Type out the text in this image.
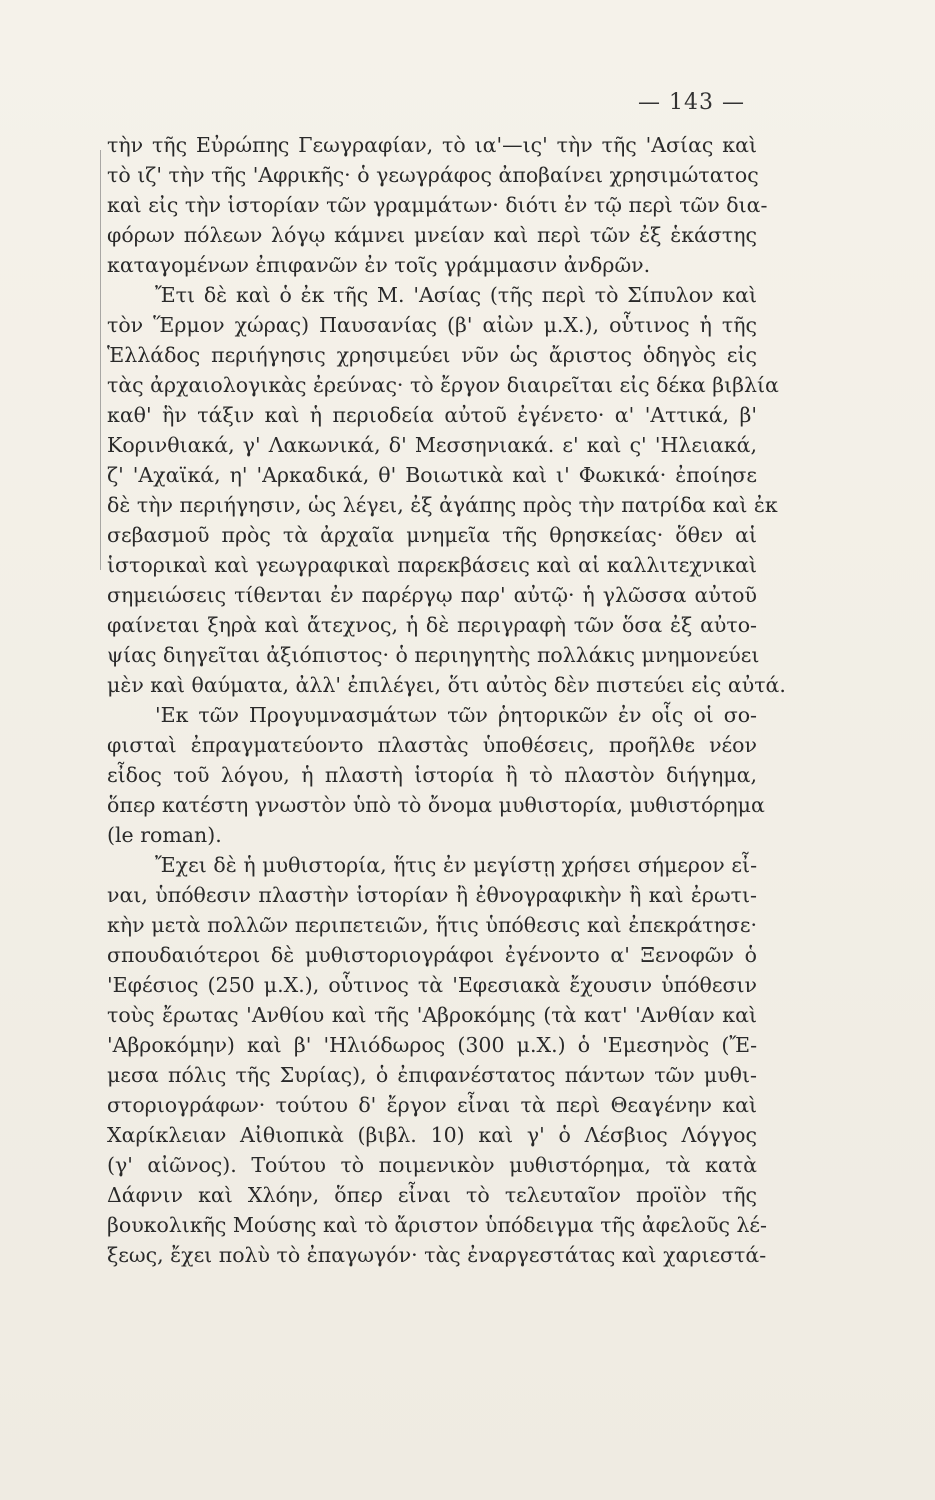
— 143 —
τὴν τῆς Εὐρώπης Γεωγραφίαν, τὸ ια'—ις' τὴν τῆς 'Ασίας καὶ
τὸ ιζ' τὴν τῆς 'Αφρικῆς· ὁ γεωγράφος ἀποβαίνει χρησιμώτατος
καὶ εἰς τὴν ἱστορίαν τῶν γραμμάτων· διότι ἐν τῷ περὶ τῶν δια-
φόρων πόλεων λόγῳ κάμνει μνείαν καὶ περὶ τῶν ἐξ ἑκάστης
καταγομένων ἐπιφανῶν ἐν τοῖς γράμμασιν ἀνδρῶν.
Ἔτι δὲ καὶ ὁ ἐκ τῆς Μ. 'Ασίας (τῆς περὶ τὸ Σίπυλον καὶ
τὸν Ἕρμον χώρας) Παυσανίας (β' αἰὼν μ.Χ.), οὗτινος ἡ τῆς
Ἑλλάδος περιήγησις χρησιμεύει νῦν ὡς ἄριστος ὁδηγὸς εἰς
τὰς ἀρχαιολογικὰς ἐρεύνας· τὸ ἔργον διαιρεῖται εἰς δέκα βιβλία
καθ' ἣν τάξιν καὶ ἡ περιοδεία αὐτοῦ ἐγένετο· α' 'Αττικά, β'
Κορινθιακά, γ' Λακωνικά, δ' Μεσσηνιακά. ε' καὶ ς' 'Ηλειακά,
ζ' 'Αχαϊκά, η' 'Αρκαδικά, θ' Βοιωτικὰ καὶ ι' Φωκικά· ἐποίησε
δὲ τὴν περιήγησιν, ὡς λέγει, ἐξ ἀγάπης πρὸς τὴν πατρίδα καὶ ἐκ
σεβασμοῦ πρὸς τὰ ἀρχαῖα μνημεῖα τῆς θρησκείας· ὅθεν αἱ
ἱστορικαὶ καὶ γεωγραφικαὶ παρεκβάσεις καὶ αἱ καλλιτεχνικαὶ
σημειώσεις τίθενται ἐν παρέργῳ παρ' αὐτῷ· ἡ γλῶσσα αὐτοῦ
φαίνεται ξηρὰ καὶ ἄτεχνος, ἡ δὲ περιγραφὴ τῶν ὅσα ἐξ αὐτο-
ψίας διηγεῖται ἀξιόπιστος· ὁ περιηγητὴς πολλάκις μνημονεύει
μὲν καὶ θαύματα, ἀλλ' ἐπιλέγει, ὅτι αὐτὸς δὲν πιστεύει εἰς αὐτά.
'Εκ τῶν Προγυμνασμάτων τῶν ῥητορικῶν ἐν οἷς οἱ σο-
φισταὶ ἐπραγματεύοντο πλαστὰς ὑποθέσεις, προῆλθε νέον
εἶδος τοῦ λόγου, ἡ πλαστὴ ἱστορία ἢ τὸ πλαστὸν διήγημα,
ὅπερ κατέστη γνωστὸν ὑπὸ τὸ ὄνομα μυθιστορία, μυθιστόρημα
(le roman).
Ἔχει δὲ ἡ μυθιστορία, ἥτις ἐν μεγίστῃ χρήσει σήμερον εἶ-
ναι, ὑπόθεσιν πλαστὴν ἱστορίαν ἢ ἐθνογραφικὴν ἢ καὶ ἐρωτι-
κὴν μετὰ πολλῶν περιπετειῶν, ἥτις ὑπόθεσις καὶ ἐπεκράτησε·
σπουδαιότεροι δὲ μυθιστοριογράφοι ἐγένοντο α' Ξενοφῶν ὁ
'Εφέσιος (250 μ.Χ.), οὗτινος τὰ 'Εφεσιακὰ ἔχουσιν ὑπόθεσιν
τοὺς ἔρωτας 'Ανθίου καὶ τῆς 'Αβροκόμης (τὰ κατ' 'Ανθίαν καὶ
'Αβροκόμην) καὶ β' 'Ηλιόδωρος (300 μ.Χ.) ὁ 'Εμεσηνὸς (Ἔ-
μεσα πόλις τῆς Συρίας), ὁ ἐπιφανέστατος πάντων τῶν μυθι-
στοριογράφων· τούτου δ' ἔργον εἶναι τὰ περὶ Θεαγένην καὶ
Χαρίκλειαν Αἰθιοπικὰ (βιβλ. 10) καὶ γ' ὁ Λέσβιος Λόγγος
(γ' αἰῶνος). Τούτου τὸ ποιμενικὸν μυθιστόρημα, τὰ κατὰ
Δάφνιν καὶ Χλόην, ὅπερ εἶναι τὸ τελευταῖον προϊὸν τῆς
βουκολικῆς Μούσης καὶ τὸ ἄριστον ὑπόδειγμα τῆς ἀφελοῦς λέ-
ξεως, ἔχει πολὺ τὸ ἐπαγωγόν· τὰς ἐναργεστάτας καὶ χαριεστά-
